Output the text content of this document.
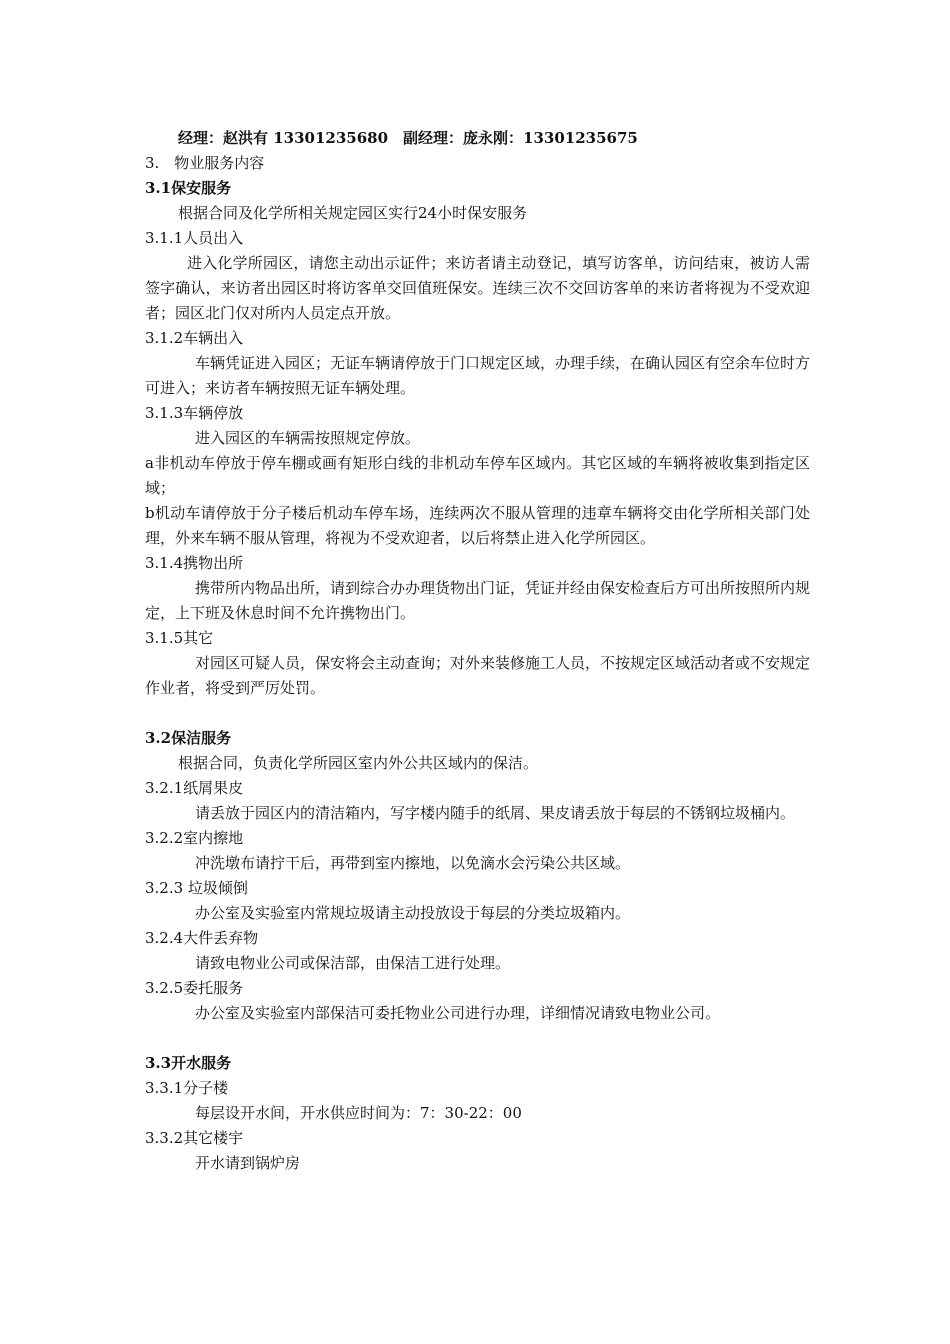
经理：赵洪有 13301235680　副经理：庞永刚：13301235675
3.　物业服务内容
3.1保安服务
根据合同及化学所相关规定园区实行24小时保安服务
3.1.1人员出入
进入化学所园区，请您主动出示证件；来访者请主动登记，填写访客单，访问结束，被访人需签字确认，来访者出园区时将访客单交回值班保安。连续三次不交回访客单的来访者将视为不受欢迎者；园区北门仅对所内人员定点开放。
3.1.2车辆出入
车辆凭证进入园区；无证车辆请停放于门口规定区域，办理手续，在确认园区有空余车位时方可进入；来访者车辆按照无证车辆处理。
3.1.3车辆停放
进入园区的车辆需按照规定停放。
a非机动车停放于停车棚或画有矩形白线的非机动车停车区域内。其它区域的车辆将被收集到指定区域；
b机动车请停放于分子楼后机动车停车场，连续两次不服从管理的违章车辆将交由化学所相关部门处理，外来车辆不服从管理，将视为不受欢迎者，以后将禁止进入化学所园区。
3.1.4携物出所
携带所内物品出所，请到综合办办理货物出门证，凭证并经由保安检查后方可出所按照所内规定，上下班及休息时间不允许携物出门。
3.1.5其它
对园区可疑人员，保安将会主动查询；对外来装修施工人员，不按规定区域活动者或不安规定作业者，将受到严厉处罚。
3.2保洁服务
根据合同，负责化学所园区室内外公共区域内的保洁。
3.2.1纸屑果皮
请丢放于园区内的清洁箱内，写字楼内随手的纸屑、果皮请丢放于每层的不锈钢垃圾桶内。
3.2.2室内擦地
冲洗墩布请拧干后，再带到室内擦地，以免滴水会污染公共区域。
3.2.3 垃圾倾倒
办公室及实验室内常规垃圾请主动投放设于每层的分类垃圾箱内。
3.2.4大件丢弃物
请致电物业公司或保洁部，由保洁工进行处理。
3.2.5委托服务
办公室及实验室内部保洁可委托物业公司进行办理，详细情况请致电物业公司。
3.3开水服务
3.3.1分子楼
每层设开水间，开水供应时间为：7：30-22：00
3.3.2其它楼宇
开水请到锅炉房
